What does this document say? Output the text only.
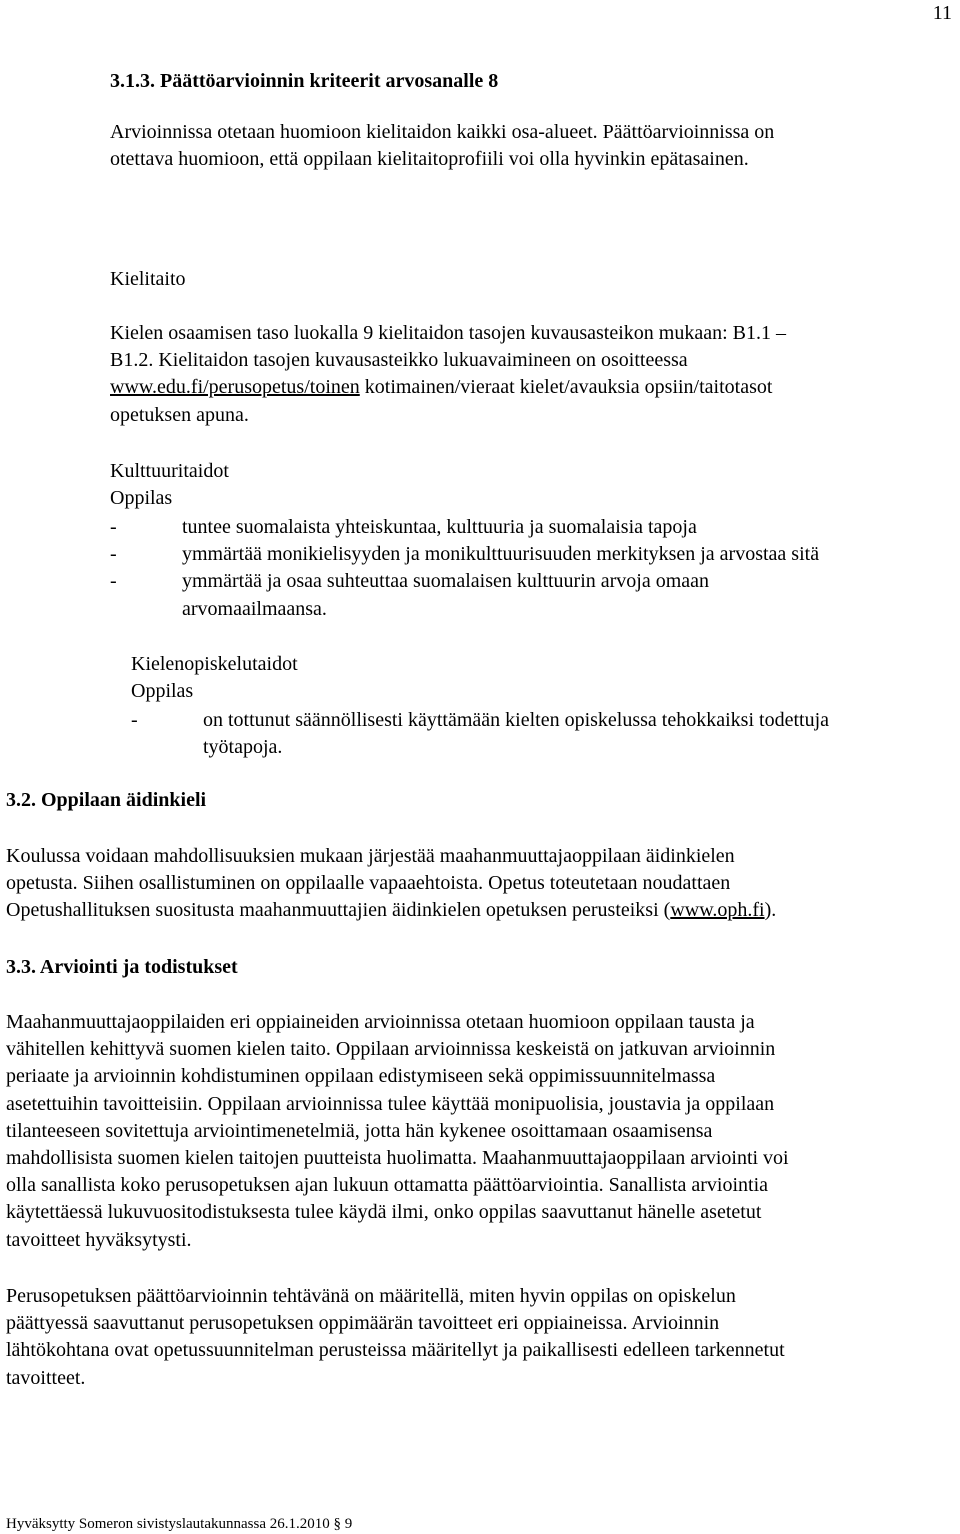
11
3.1.3. Päättöarvioinnin kriteerit arvosanalle 8
Arvioinnissa otetaan huomioon kielitaidon kaikki osa-alueet. Päättöarvioinnissa on
otettava huomioon, että oppilaan kielitaitoprofiili voi olla hyvinkin epätasainen.
Kielitaito
Kielen osaamisen taso luokalla 9 kielitaidon tasojen kuvausasteikon mukaan: B1.1 –
B1.2. Kielitaidon tasojen kuvausasteikko lukuavaimineen on osoitteessa
www.edu.fi/perusopetus/toinen kotimainen/vieraat kielet/avauksia opsiin/taitotasot
opetuksen apuna.
Kulttuuritaidot
Oppilas
-	tuntee suomalaista yhteiskuntaa, kulttuuria ja suomalaisia tapoja
-	ymmärtää monikielisyyden ja monikulttuurisuuden merkityksen ja arvostaa sitä
-	ymmärtää ja osaa suhteuttaa suomalaisen kulttuurin arvoja omaan
arvomaailmaansa.
Kielenopiskelutaidot
Oppilas
-	on tottunut säännöllisesti käyttämään kielten opiskelussa tehokkaiksi todettuja
työtapoja.
3.2. Oppilaan äidinkieli
Koulussa voidaan mahdollisuuksien mukaan järjestää maahanmuuttajaoppilaan äidinkielen
opetusta. Siihen osallistuminen on oppilaalle vapaaehtoista. Opetus toteutetaan noudattaen
Opetushallituksen suositusta maahanmuuttajien äidinkielen opetuksen perusteiksi (www.oph.fi).
3.3. Arviointi ja todistukset
Maahanmuuttajaoppilaiden eri oppiaineiden arvioinnissa otetaan huomioon oppilaan tausta ja
vähitellen kehittyvä suomen kielen taito. Oppilaan arvioinnissa keskeistä on jatkuvan arvioinnin
periaate ja arvioinnin kohdistuminen oppilaan edistymiseen sekä oppimissuunnitelmassa
asetettuihin tavoitteisiin. Oppilaan arvioinnissa tulee käyttää monipuolisia, joustavia ja oppilaan
tilanteeseen sovitettuja arviointimenetelmiä, jotta hän kykenee osoittamaan osaamisensa
mahdollisista suomen kielen taitojen puutteista huolimatta. Maahanmuuttajaoppilaan arviointi voi
olla sanallista koko perusopetuksen ajan lukuun ottamatta päättöarviointia. Sanallista arviointia
käytettäessä lukuvuositodistuksesta tulee käydä ilmi, onko oppilas saavuttanut hänelle asetetut
tavoitteet hyväksytysti.
Perusopetuksen päättöarvioinnin tehtävänä on määritellä, miten hyvin oppilas on opiskelun
päättyessä saavuttanut perusopetuksen oppimäärän tavoitteet eri oppiaineissa. Arvioinnin
lähtökohtana ovat opetussuunnitelman perusteissa määritellyt ja paikallisesti edelleen tarkennetut
tavoitteet.
Hyväksytty Someron sivistyslautakunnassa 26.1.2010 § 9
